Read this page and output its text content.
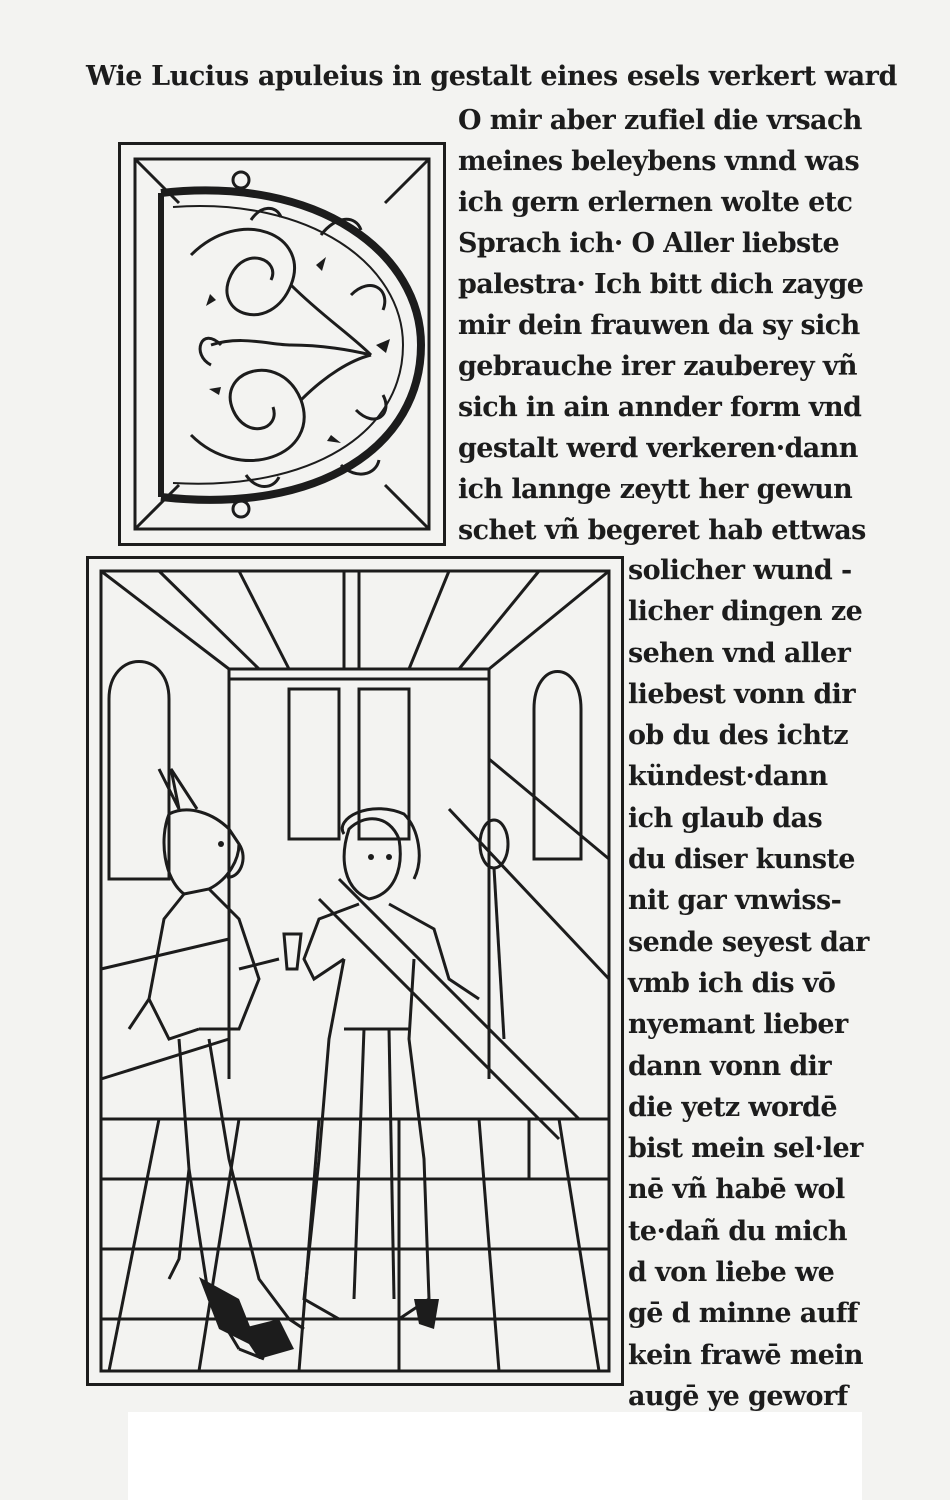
Wie Lucius apuleius in gestalt eines esels verkert ward
O mir aber zufiel die vrsach
meines beleybens vnnd was
ich gern erlernen wolte etc
Sprach ich· O Aller liebste
palestra· Ich bitt dich zayge
mir dein frauwen da sy sich
gebrauche irer zauberey vñ
sich in ain annder form vnd
gestalt werd verkeren·dann
ich lannge zeytt her gewun
schet vñ begeret hab ettwas
solicher wund -
licher dingen ze
sehen vnd aller
liebest vonn dir
ob du des ichtz
kündest·dann
ich glaub das
du diser kunste
nit gar vnwiss-
sende seyest dar
vmb ich dis vō
nyemant lieber
dann vonn dir
die yetz wordē
bist mein sel·ler
nē vñ habē wol
te·dañ du mich
d von liebe we
gē d minne auff
kein frawē mein
augē ye geworf
